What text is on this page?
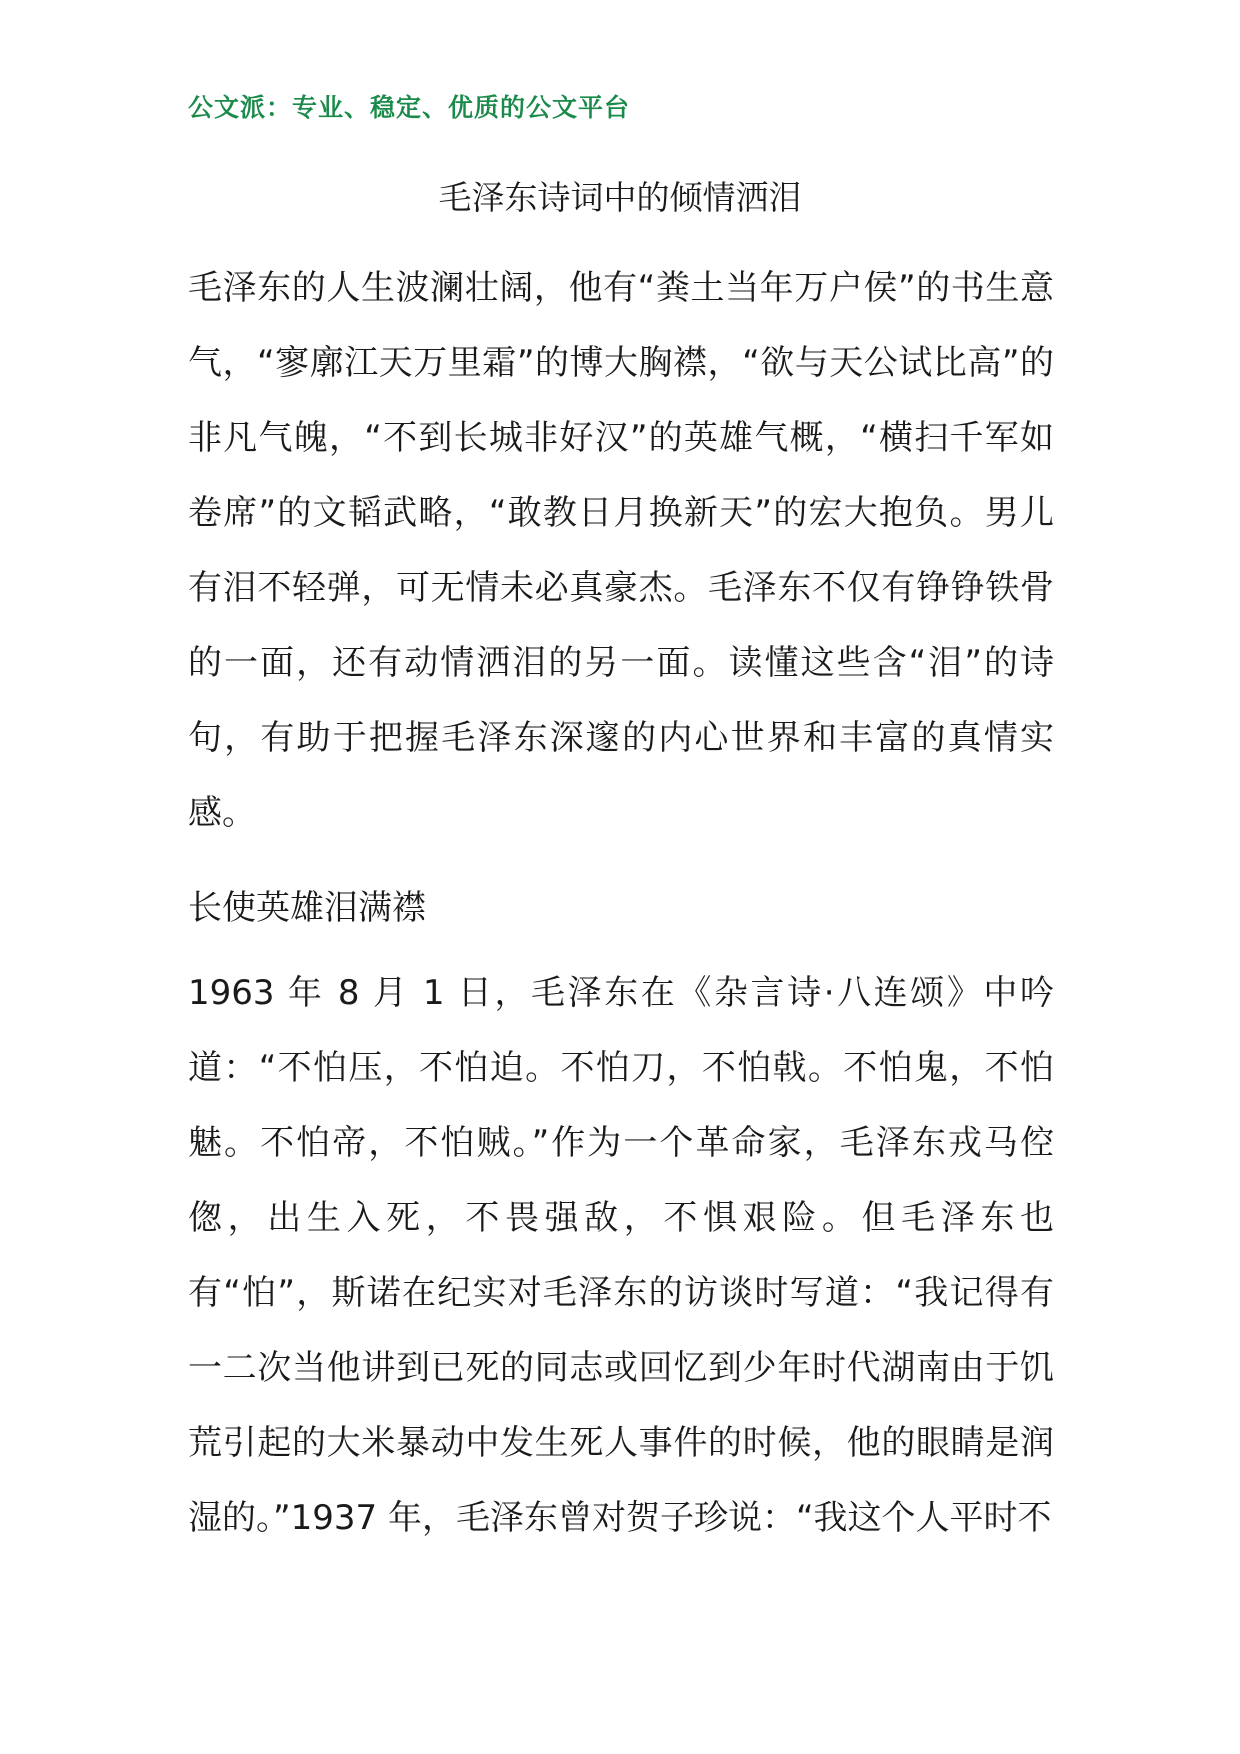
公文派：专业、稳定、优质的公文平台
毛泽东诗词中的倾情洒泪

毛泽东的人生波澜壮阔，他有“粪土当年万户侯”的书生意气，“寥廓江天万里霜”的博大胸襟，“欲与天公试比高”的非凡气魄，“不到长城非好汉”的英雄气概，“横扫千军如卷席”的文韬武略，“敢教日月换新天”的宏大抱负。男儿有泪不轻弹，可无情未必真豪杰。毛泽东不仅有铮铮铁骨的一面，还有动情洒泪的另一面。读懂这些含“泪”的诗句，有助于把握毛泽东深邃的内心世界和丰富的真情实感。

长使英雄泪满襟

1963 年 8 月 1 日，毛泽东在《杂言诗·八连颂》中吟道：“不怕压，不怕迫。不怕刀，不怕戟。不怕鬼，不怕魅。不怕帝，不怕贼。”作为一个革命家，毛泽东戎马倥偬，出生入死，不畏强敌，不惧艰险。但毛泽东也有“怕”，斯诺在纪实对毛泽东的访谈时写道：“我记得有一二次当他讲到已死的同志或回忆到少年时代湖南由于饥荒引起的大米暴动中发生死人事件的时候，他的眼睛是润湿的。”1937 年，毛泽东曾对贺子珍说：“我这个人平时不
